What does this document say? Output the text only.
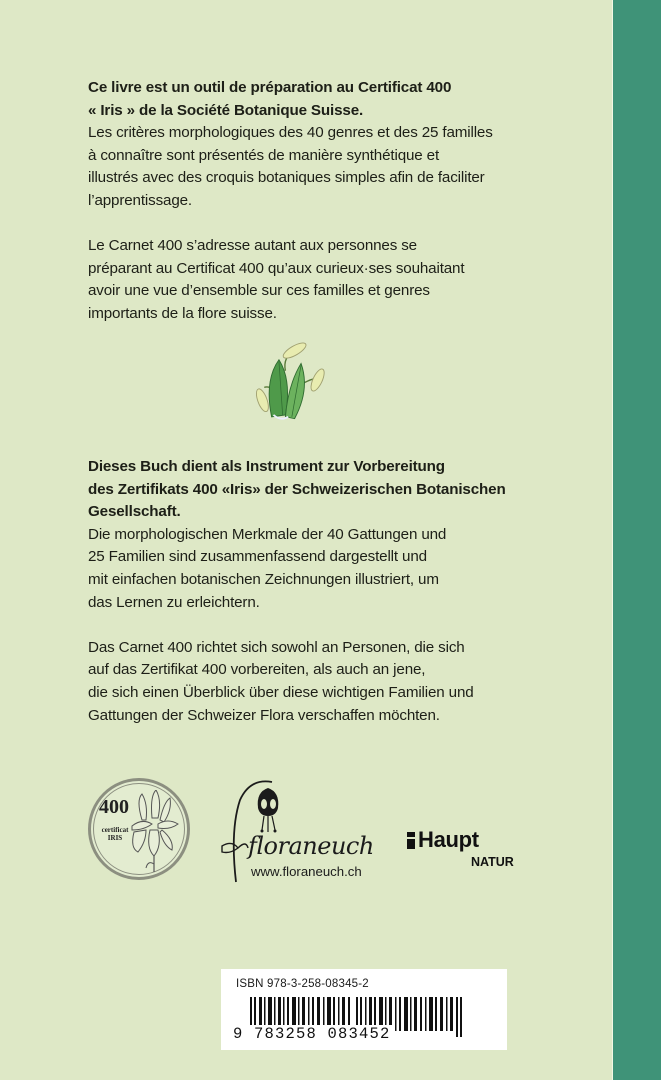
Ce livre est un outil de préparation au Certificat 400
« Iris » de la Société Botanique Suisse.

Les critères morphologiques des 40 genres et des 25 familles
à connaître sont présentés de manière synthétique et
illustrés avec des croquis botaniques simples afin de faciliter
l’apprentissage.

Le Carnet 400 s’adresse autant aux personnes se
préparant au Certificat 400 qu’aux curieux·ses souhaitant
avoir une vue d’ensemble sur ces familles et genres
importants de la flore suisse.

Dieses Buch dient als Instrument zur Vorbereitung
des Zertifikats 400 «Iris» der Schweizerischen Botanischen
Gesellschaft.

Die morphologischen Merkmale der 40 Gattungen und
25 Familien sind zusammenfassend dargestellt und
mit einfachen botanischen Zeichnungen illustriert, um
das Lernen zu erleichtern.

Das Carnet 400 richtet sich sowohl an Personen, die sich
auf das Zertifikat 400 vorbereiten, als auch an jene,
die sich einen Überblick über diese wichtigen Familien und
Gattungen der Schweizer Flora verschaffen möchten.

400
certificat
IRIS	floraneuch
www.floraneuch.ch
Haupt
NATUR
ISBN 978-3-258-08345-2
9 783258 083452
